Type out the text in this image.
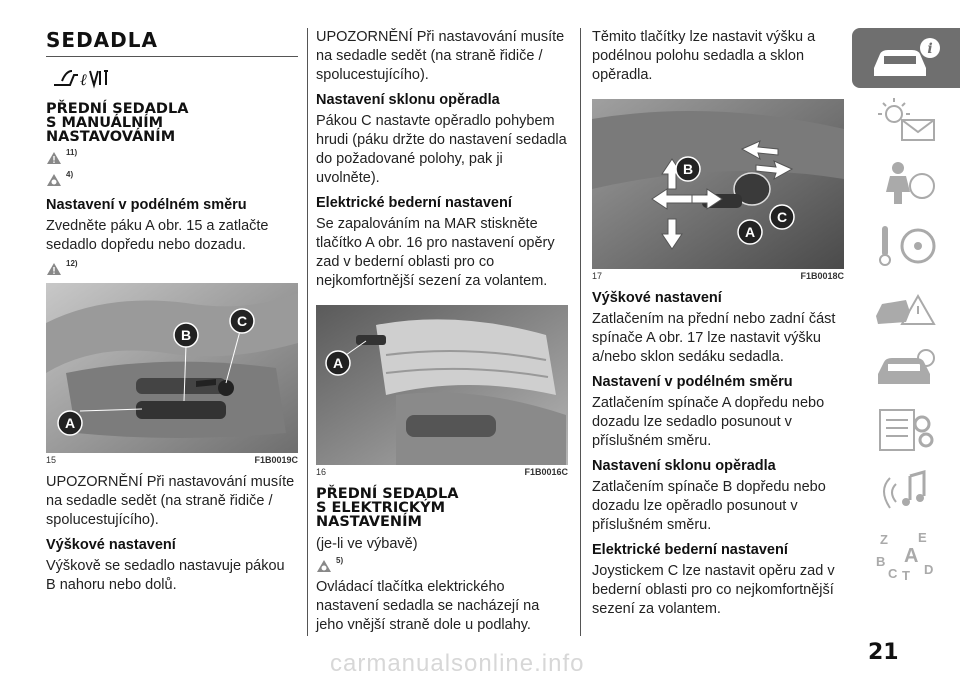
SEDADLA
ℓ
PŘEDNÍ SEDADLA
S MANUÁLNÍM
NASTAVOVÁNÍM
11)
4)
Nastavení v podélném směru
Zvedněte páku A obr. 15 a zatlačte sedadlo dopředu nebo dozadu.
12)
A
B
C
15	F1B0019C
UPOZORNĚNÍ Při nastavování musíte na sedadle sedět (na straně řidiče / spolucestujícího).
Výškové nastavení
Výškově se sedadlo nastavuje pákou B nahoru nebo dolů.
UPOZORNĚNÍ Při nastavování musíte na sedadle sedět (na straně řidiče / spolucestujícího).
Nastavení sklonu opěradla
Pákou C nastavte opěradlo pohybem hrudi (páku držte do nastavení sedadla do požadované polohy, pak ji uvolněte).
Elektrické bederní nastavení
Se zapalováním na MAR stiskněte tlačítko A obr. 16 pro nastavení opěry zad v bederní oblasti pro co nejkomfortnější sezení za volantem.
A
16	F1B0016C
PŘEDNÍ SEDADLA
S ELEKTRICKÝM
NASTAVENÍM
(je-li ve výbavě)
5)
Ovládací tlačítka elektrického nastavení sedadla se nacházejí na jeho vnější straně dole u podlahy.
Těmito tlačítky lze nastavit výšku a podélnou polohu sedadla a sklon opěradla.
B
A
C
17	F1B0018C
Výškové nastavení
Zatlačením na přední nebo zadní část spínače A obr. 17 lze nastavit výšku a/nebo sklon sedáku sedadla.
Nastavení v podélném směru
Zatlačením spínače A dopředu nebo dozadu lze sedadlo posunout v příslušném směru.
Nastavení sklonu opěradla
Zatlačením spínače B dopředu nebo dozadu lze opěradlo posunout v příslušném směru.
Elektrické bederní nastavení
Joystickem C lze nastavit opěru zad v bederní oblasti pro co nejkomfortnější sezení za volantem.
i
Z E
A
B
C T D
21
carmanualsonline.info
